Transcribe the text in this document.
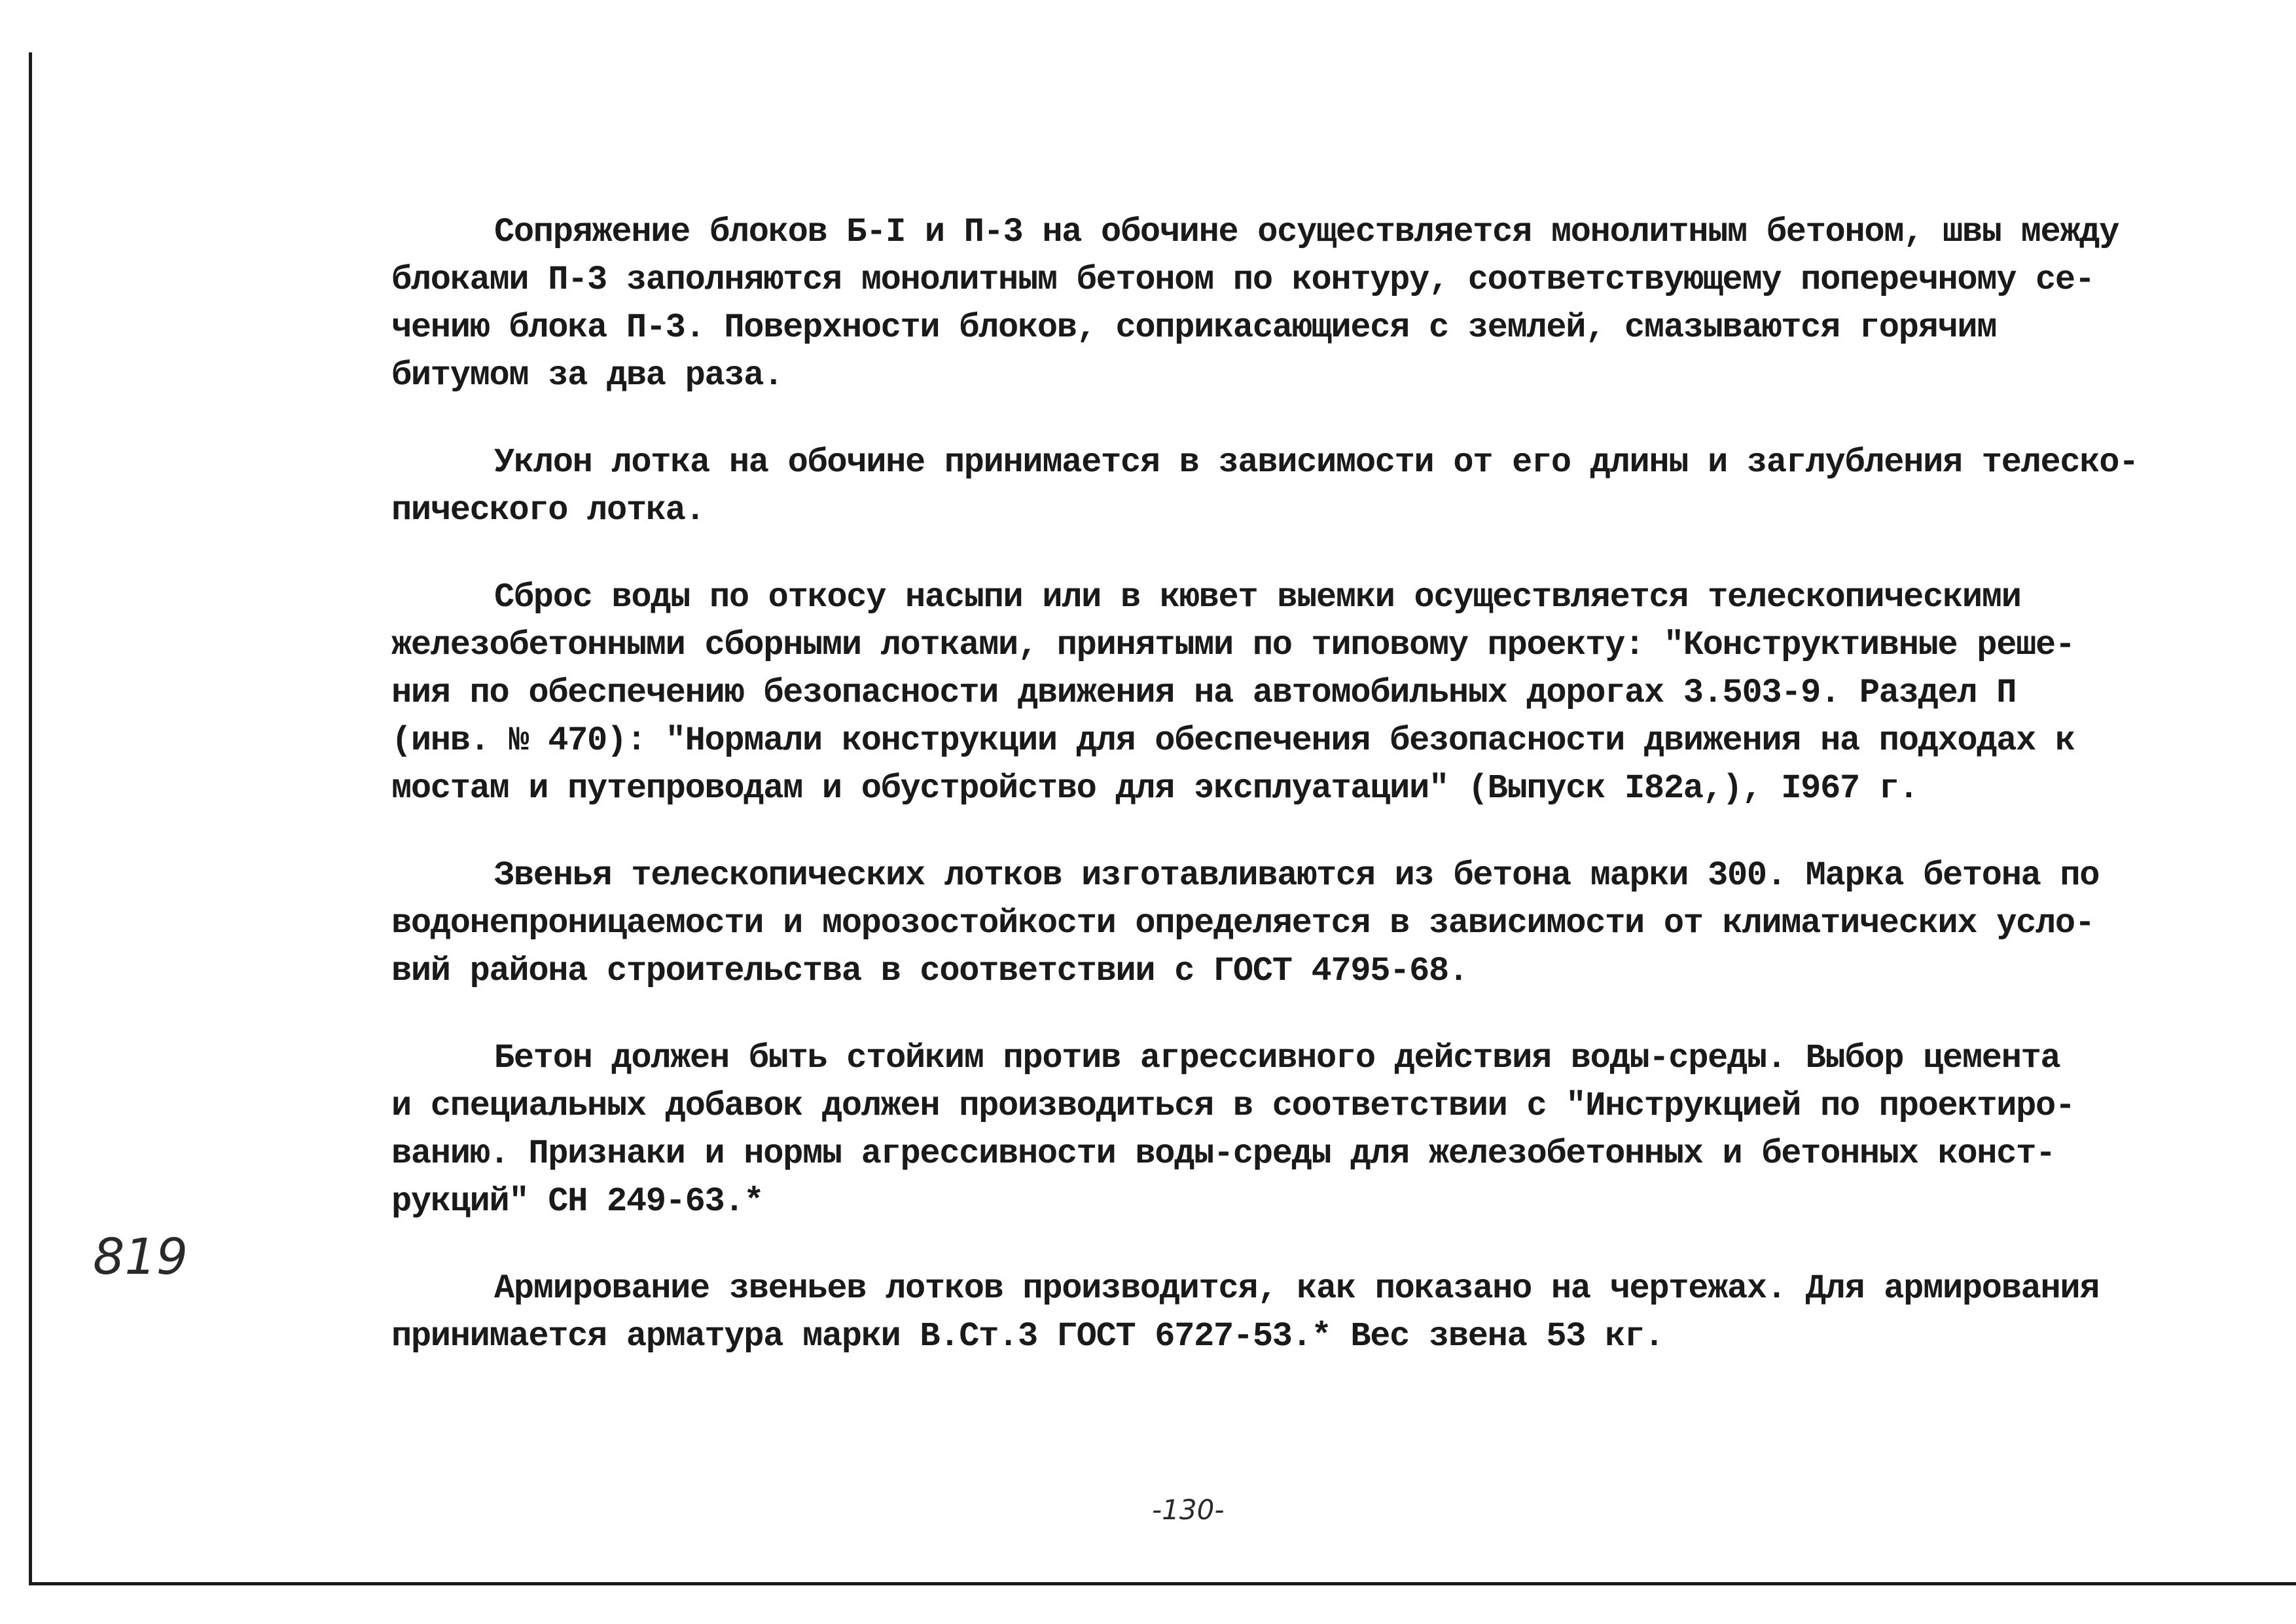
Сопряжение блоков Б-I и П-3 на обочине осуществляется монолитным бетоном, швы между
блоками П-3 заполняются монолитным бетоном по контуру, соответствующему поперечному се-
чению блока П-3. Поверхности блоков, соприкасающиеся с землей, смазываются горячим
битумом за два раза.
Уклон лотка на обочине принимается в зависимости от его длины и заглубления телеско-
пического лотка.
Сброс воды по откосу насыпи или в кювет выемки осуществляется телескопическими
железобетонными сборными лотками, принятыми по типовому проекту: "Конструктивные реше-
ния по обеспечению безопасности движения на автомобильных дорогах 3.503-9. Раздел П
(инв. № 470): "Нормали конструкции для обеспечения безопасности движения на подходах к
мостам и путепроводам и обустройство для эксплуатации" (Выпуск I82а,), I967 г.
Звенья телескопических лотков изготавливаются из бетона марки 300. Марка бетона по
водонепроницаемости и морозостойкости определяется в зависимости от климатических усло-
вий района строительства в соответствии с ГОСТ 4795-68.
Бетон должен быть стойким против агрессивного действия воды-среды. Выбор цемента
и специальных добавок должен производиться в соответствии с "Инструкцией по проектиро-
ванию. Признаки и нормы агрессивности воды-среды для железобетонных и бетонных конст-
рукций" СН 249-63.*
Армирование звеньев лотков производится, как показано на чертежах. Для армирования
принимается арматура марки В.Ст.3 ГОСТ 6727-53.* Вес звена 53 кг.
819
-130-
